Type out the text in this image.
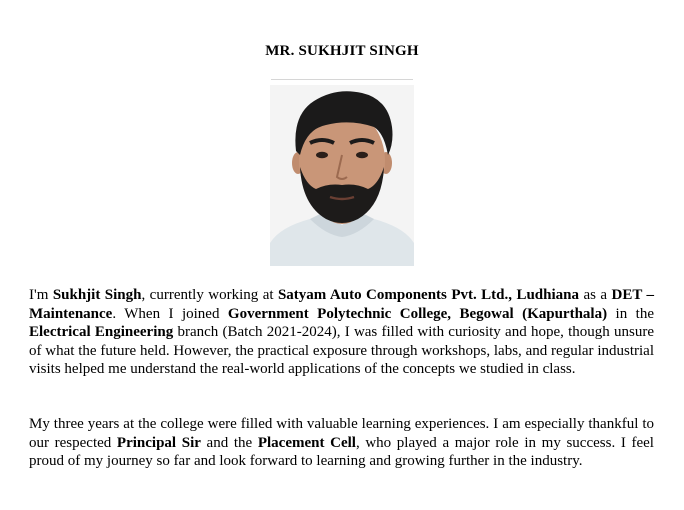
MR. SUKHJIT SINGH

I'm Sukhjit Singh, currently working at Satyam Auto Components Pvt. Ltd., Ludhiana as a DET – Maintenance. When I joined Government Polytechnic College, Begowal (Kapurthala) in the Electrical Engineering branch (Batch 2021-2024), I was filled with curiosity and hope, though unsure of what the future held. However, the practical exposure through workshops, labs, and regular industrial visits helped me understand the real-world applications of the concepts we studied in class.

My three years at the college were filled with valuable learning experiences. I am especially thankful to our respected Principal Sir and the Placement Cell, who played a major role in my success. I feel proud of my journey so far and look forward to learning and growing further in the industry.
